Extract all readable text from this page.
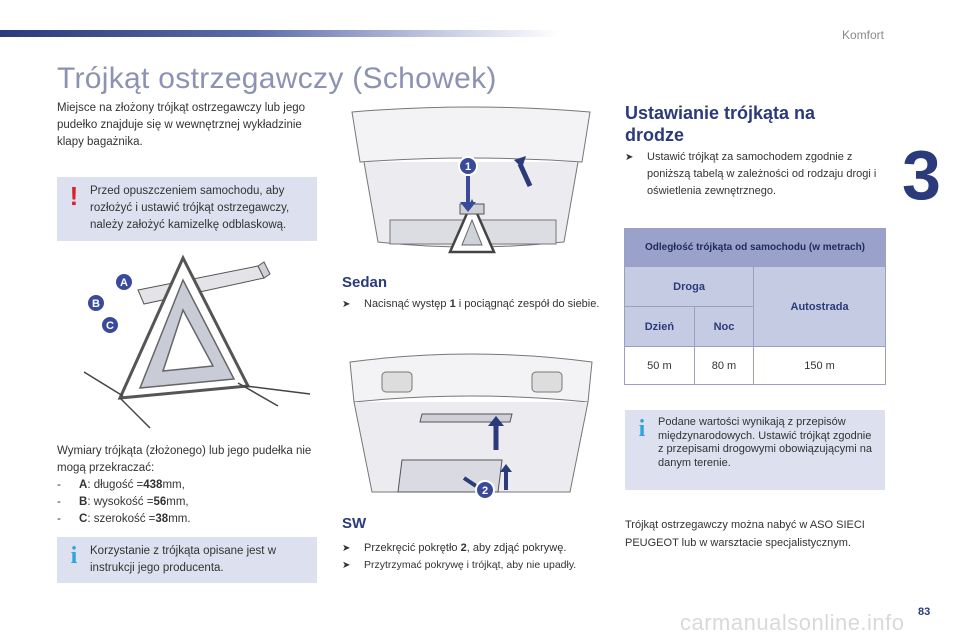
Komfort
3
Trójkąt ostrzegawczy (Schowek)

Miejsce na złożony trójkąt ostrzegawczy lub jego pudełko znajduje się w wewnętrznej wykładzinie klapy bagażnika.

! Przed opuszczeniem samochodu, aby rozłożyć i ustawić trójkąt ostrzegawczy, należy założyć kamizelkę odblaskową.
A
B
C

Wymiary trójkąta (złożonego) lub jego pudełka nie mogą przekraczać:

-	A : długość = 438 mm,
-	B : wysokość = 56 mm,
-	C : szerokość = 38 mm.
i Korzystanie z trójkąta opisane jest w instrukcji jego producenta.
1
Sedan
➤	Nacisnąć występ 1 i pociągnąć zespół do siebie.
2
SW
➤	Przekręcić pokrętło 2, aby zdjąć pokrywę.
➤	Przytrzymać pokrywę i trójkąt, aby nie upadły.
Ustawianie trójkąta na drodze
➤	Ustawić trójkąt za samochodem zgodnie z poniższą tabelą w zależności od rodzaju drogi i oświetlenia zewnętrznego.
Odległość trójkąta od samochodu (w metrach)		
Droga		Autostrada
Dzień	Noc	
50 m	80 m	150 m
i Podane wartości wynikają z przepisów międzynarodowych. Ustawić trójkąt zgodnie z przepisami drogowymi obowiązującymi na danym terenie.

Trójkąt ostrzegawczy można nabyć w ASO SIECI PEUGEOT lub w warsztacie specjalistycznym.

carmanualsonline.info 83
